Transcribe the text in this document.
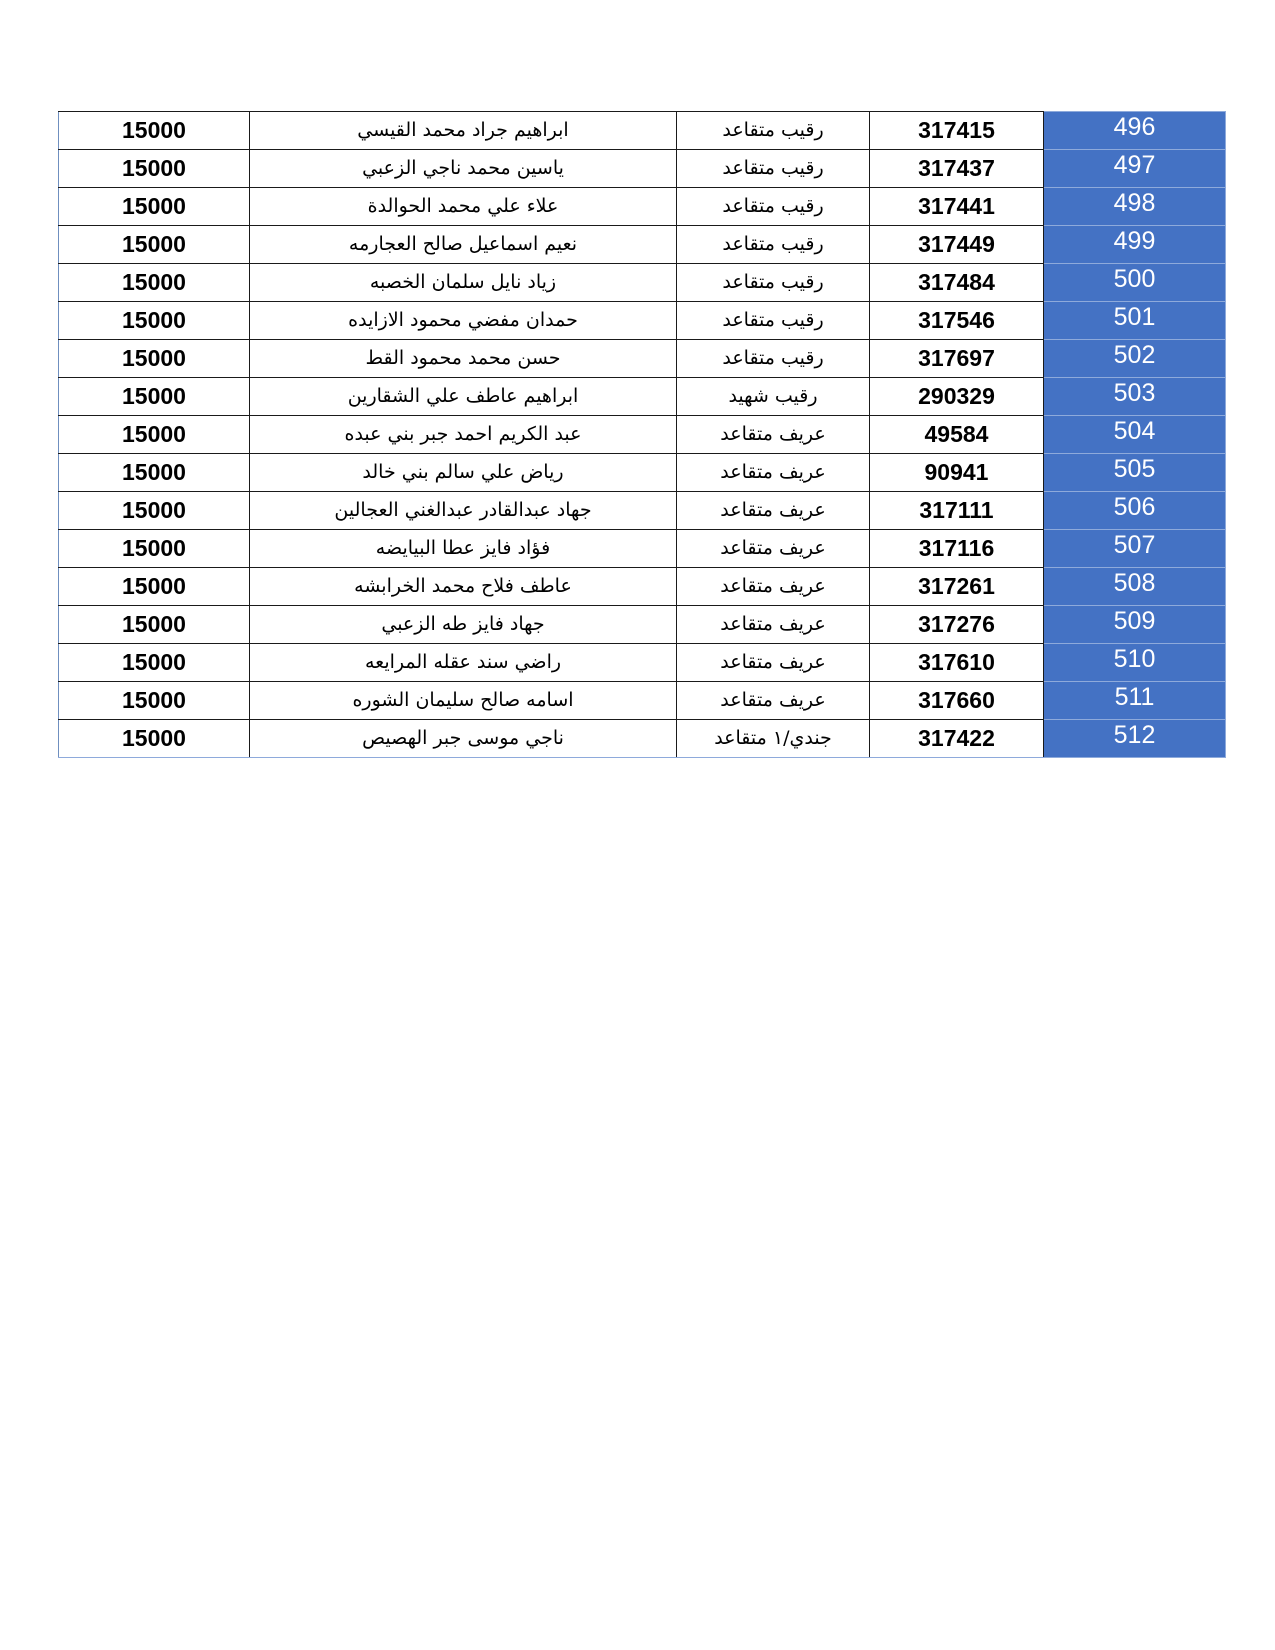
15000	ابراهيم جراد محمد القيسي	رقيب متقاعد	317415	496
15000	ياسين محمد ناجي الزعبي	رقيب متقاعد	317437	497
15000	علاء علي محمد الحوالدة	رقيب متقاعد	317441	498
15000	نعيم اسماعيل صالح العجارمه	رقيب متقاعد	317449	499
15000	زياد نايل سلمان الخصبه	رقيب متقاعد	317484	500
15000	حمدان مفضي محمود الازايده	رقيب متقاعد	317546	501
15000	حسن محمد محمود القط	رقيب متقاعد	317697	502
15000	ابراهيم عاطف علي الشقارين	رقيب شهيد	290329	503
15000	عبد الكريم احمد جبر بني عبده	عريف متقاعد	49584	504
15000	رياض علي سالم بني خالد	عريف متقاعد	90941	505
15000	جهاد عبدالقادر عبدالغني العجالين	عريف متقاعد	317111	506
15000	فؤاد فايز عطا البيايضه	عريف متقاعد	317116	507
15000	عاطف فلاح محمد الخرابشه	عريف متقاعد	317261	508
15000	جهاد فايز طه الزعبي	عريف متقاعد	317276	509
15000	راضي سند عقله المرايعه	عريف متقاعد	317610	510
15000	اسامه صالح سليمان الشوره	عريف متقاعد	317660	511
15000	ناجي موسى جبر الهصيص	جندي/١ متقاعد	317422	512
